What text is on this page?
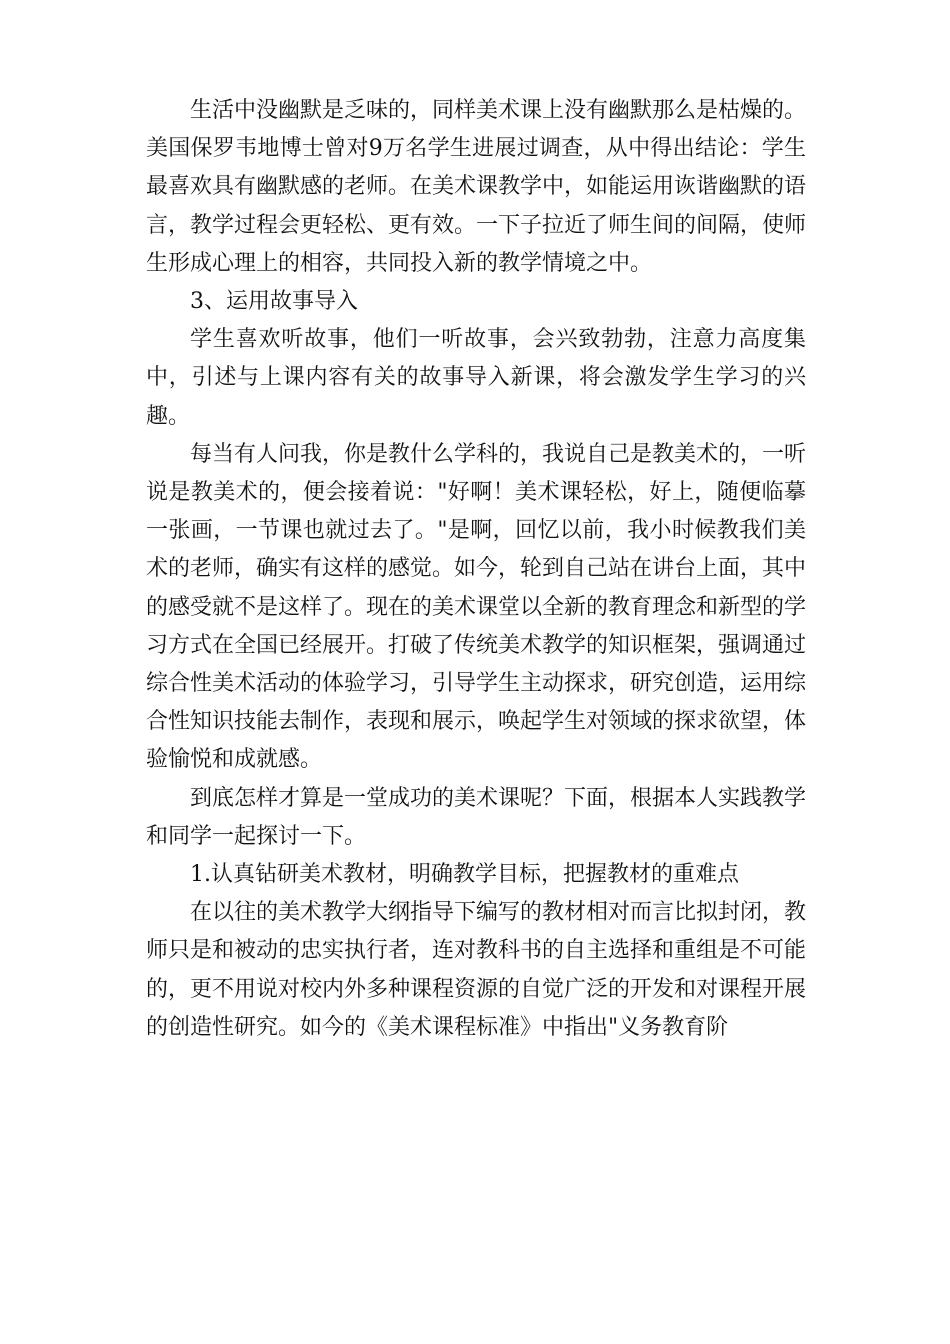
生活中没幽默是乏味的，同样美术课上没有幽默那么是枯燥的。美国保罗韦地博士曾对9万名学生进展过调查，从中得出结论：学生最喜欢具有幽默感的老师。在美术课教学中，如能运用诙谐幽默的语言，教学过程会更轻松、更有效。一下子拉近了师生间的间隔，使师生形成心理上的相容，共同投入新的教学情境之中。

3、运用故事导入

学生喜欢听故事，他们一听故事，会兴致勃勃，注意力高度集中，引述与上课内容有关的故事导入新课，将会激发学生学习的兴趣。

每当有人问我，你是教什么学科的，我说自己是教美术的，一听说是教美术的，便会接着说："好啊！美术课轻松，好上，随便临摹一张画，一节课也就过去了。"是啊，回忆以前，我小时候教我们美术的老师，确实有这样的感觉。如今，轮到自己站在讲台上面，其中的感受就不是这样了。现在的美术课堂以全新的教育理念和新型的学习方式在全国已经展开。打破了传统美术教学的知识框架，强调通过综合性美术活动的体验学习，引导学生主动探求，研究创造，运用综合性知识技能去制作，表现和展示，唤起学生对领域的探求欲望，体验愉悦和成就感。

到底怎样才算是一堂成功的美术课呢？下面，根据本人实践教学和同学一起探讨一下。

1.认真钻研美术教材，明确教学目标，把握教材的重难点

在以往的美术教学大纲指导下编写的教材相对而言比拟封闭，教师只是和被动的忠实执行者，连对教科书的自主选择和重组是不可能的，更不用说对校内外多种课程资源的自觉广泛的开发和对课程开展的创造性研究。如今的《美术课程标准》中指出"义务教育阶
